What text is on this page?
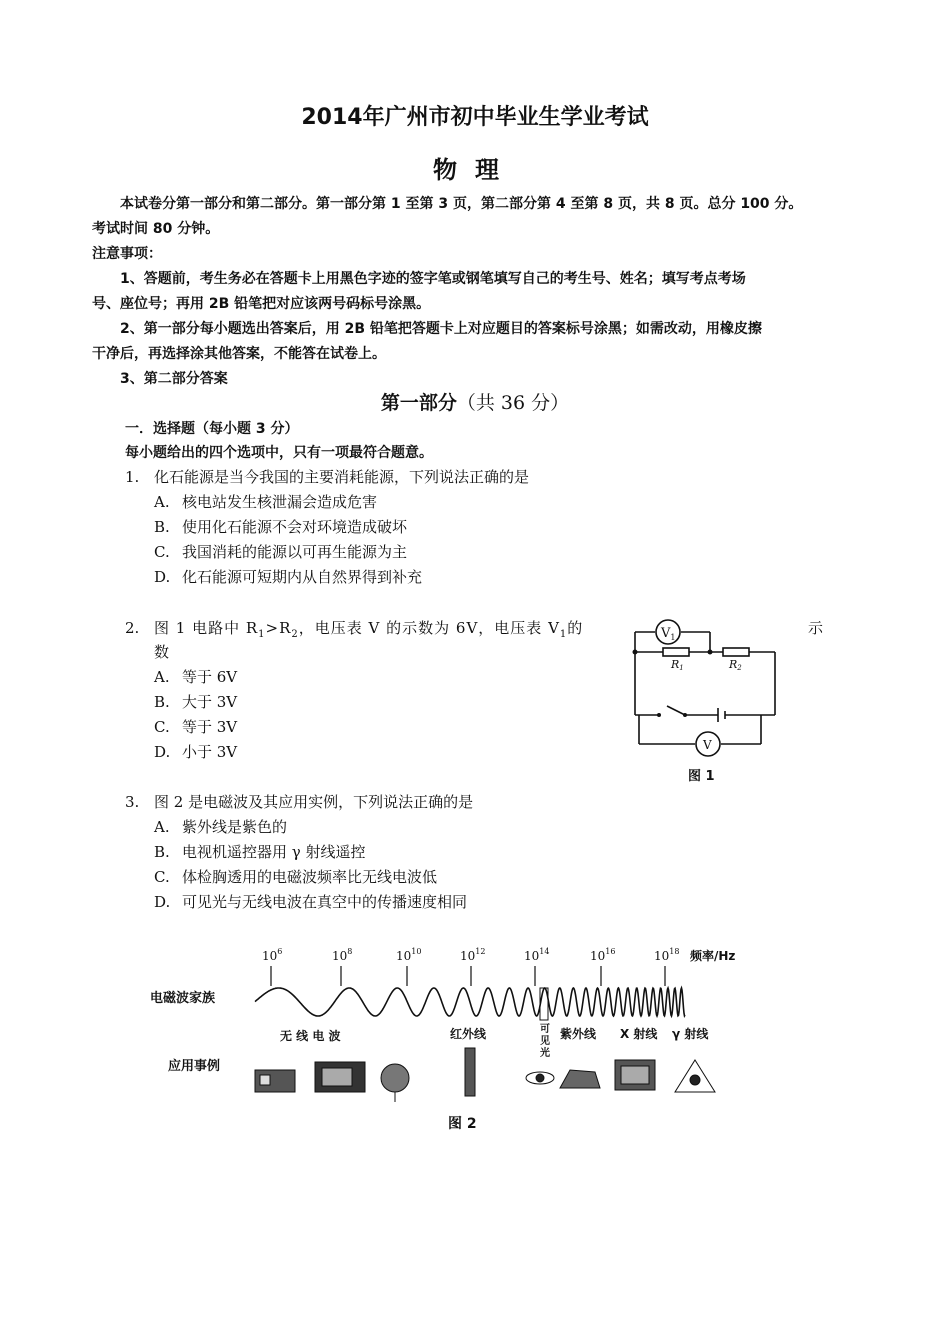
2014年广州市初中毕业生学业考试
物理
本试卷分第一部分和第二部分。第一部分第 1 至第 3 页，第二部分第 4 至第 8 页，共 8 页。总分 100 分。
考试时间 80 分钟。
注意事项：
1、答题前，考生务必在答题卡上用黑色字迹的签字笔或钢笔填写自己的考生号、姓名；填写考点考场
号、座位号；再用 2B 铅笔把对应该两号码标号涂黑。
2、第一部分每小题选出答案后，用 2B 铅笔把答题卡上对应题目的答案标号涂黑；如需改动，用橡皮擦
干净后，再选择涂其他答案，不能答在试卷上。
3、第二部分答案
第一部分（共 36 分）
一．选择题（每小题 3 分）
每小题给出的四个选项中，只有一项最符合题意。
1. 化石能源是当今我国的主要消耗能源，下列说法正确的是
A. 核电站发生核泄漏会造成危害
B. 使用化石能源不会对环境造成破坏
C. 我国消耗的能源以可再生能源为主
D. 化石能源可短期内从自然界得到补充
2. 图 1 电路中 $R_1>R_2$，电压表 V 的示数为 6V，电压表 $V_1$的	示
数
A. 等于 6V
B. 大于 3V
C. 等于 3V
D. 小于 3V
$V_1$
V
R1	R2
图 1
3. 图 2 是电磁波及其应用实例，下列说法正确的是
A. 紫外线是紫色的
B. 电视机遥控器用 γ 射线遥控
C. 体检胸透用的电磁波频率比无线电波低
D. 可见光与无线电波在真空中的传播速度相同
$10^6$	$10^8$	$10^{10}$	$10^{12}$	$10^{14}$	$10^{16}$	$10^{18}$ 频率/Hz
电磁波家族
应用事例
无 线 电 波	红外线	可
见
光
紫外线 X 射线 γ 射线
图 2
